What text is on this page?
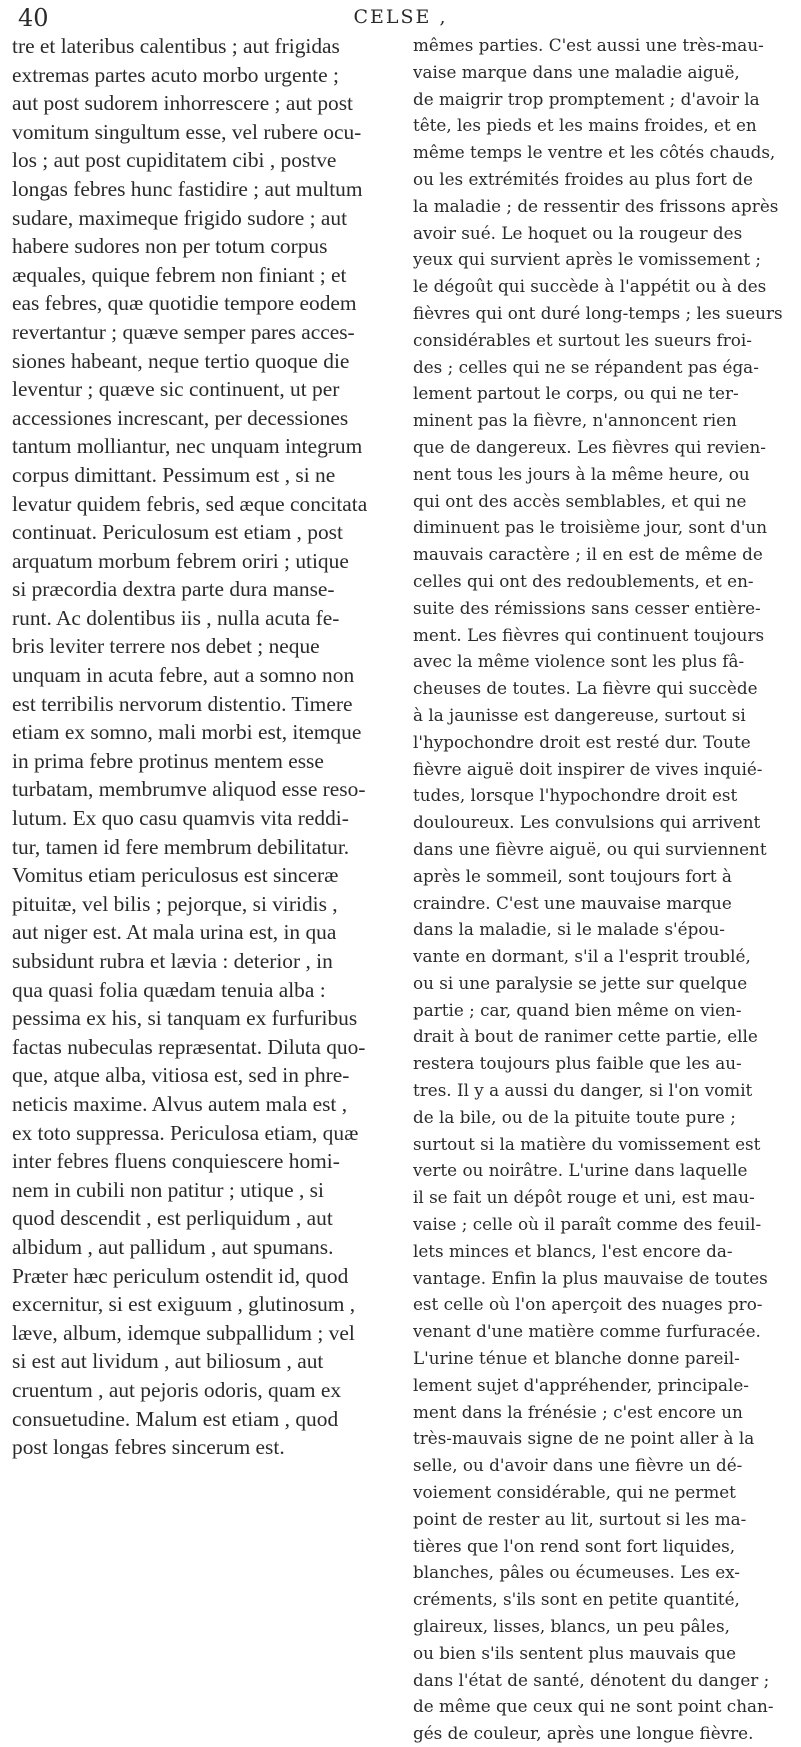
40	CELSE ,
tre et lateribus calentibus ; aut frigidas
extremas partes acuto morbo urgente ;
aut post sudorem inhorrescere ; aut post
vomitum singultum esse, vel rubere ocu-
los ; aut post cupiditatem cibi , postve
longas febres hunc fastidire ; aut multum
sudare, maximeque frigido sudore ; aut
habere sudores non per totum corpus
æquales, quique febrem non finiant ; et
eas febres, quæ quotidie tempore eodem
revertantur ; quæve semper pares acces-
siones habeant, neque tertio quoque die
leventur ; quæve sic continuent, ut per
accessiones increscant, per decessiones
tantum molliantur, nec unquam integrum
corpus dimittant. Pessimum est , si ne
levatur quidem febris, sed æque concitata
continuat. Periculosum est etiam , post
arquatum morbum febrem oriri ; utique
si præcordia dextra parte dura manse-
runt. Ac dolentibus iis , nulla acuta fe-
bris leviter terrere nos debet ; neque
unquam in acuta febre, aut a somno non
est terribilis nervorum distentio. Timere
etiam ex somno, mali morbi est, itemque
in prima febre protinus mentem esse
turbatam, membrumve aliquod esse reso-
lutum. Ex quo casu quamvis vita reddi-
tur, tamen id fere membrum debilitatur.
Vomitus etiam periculosus est sinceræ
pituitæ, vel bilis ; pejorque, si viridis ,
aut niger est. At mala urina est, in qua
subsidunt rubra et lævia : deterior , in
qua quasi folia quædam tenuia alba :
pessima ex his, si tanquam ex furfuribus
factas nubeculas repræsentat. Diluta quo-
que, atque alba, vitiosa est, sed in phre-
neticis maxime. Alvus autem mala est ,
ex toto suppressa. Periculosa etiam, quæ
inter febres fluens conquiescere homi-
nem in cubili non patitur ; utique , si
quod descendit , est perliquidum , aut
albidum , aut pallidum , aut spumans.
Præter hæc periculum ostendit id, quod
excernitur, si est exiguum , glutinosum ,
læve, album, idemque subpallidum ; vel
si est aut lividum , aut biliosum , aut
cruentum , aut pejoris odoris, quam ex
consuetudine. Malum est etiam , quod
post longas febres sincerum est.
mêmes parties. C'est aussi une très-mau-
vaise marque dans une maladie aiguë,
de maigrir trop promptement ; d'avoir la
tête, les pieds et les mains froides, et en
même temps le ventre et les côtés chauds,
ou les extrémités froides au plus fort de
la maladie ; de ressentir des frissons après
avoir sué. Le hoquet ou la rougeur des
yeux qui survient après le vomissement ;
le dégoût qui succède à l'appétit ou à des
fièvres qui ont duré long-temps ; les sueurs
considérables et surtout les sueurs froi-
des ; celles qui ne se répandent pas éga-
lement partout le corps, ou qui ne ter-
minent pas la fièvre, n'annoncent rien
que de dangereux. Les fièvres qui revien-
nent tous les jours à la même heure, ou
qui ont des accès semblables, et qui ne
diminuent pas le troisième jour, sont d'un
mauvais caractère ; il en est de même de
celles qui ont des redoublements, et en-
suite des rémissions sans cesser entière-
ment. Les fièvres qui continuent toujours
avec la même violence sont les plus fâ-
cheuses de toutes. La fièvre qui succède
à la jaunisse est dangereuse, surtout si
l'hypochondre droit est resté dur. Toute
fièvre aiguë doit inspirer de vives inquié-
tudes, lorsque l'hypochondre droit est
douloureux. Les convulsions qui arrivent
dans une fièvre aiguë, ou qui surviennent
après le sommeil, sont toujours fort à
craindre. C'est une mauvaise marque
dans la maladie, si le malade s'épou-
vante en dormant, s'il a l'esprit troublé,
ou si une paralysie se jette sur quelque
partie ; car, quand bien même on vien-
drait à bout de ranimer cette partie, elle
restera toujours plus faible que les au-
tres. Il y a aussi du danger, si l'on vomit
de la bile, ou de la pituite toute pure ;
surtout si la matière du vomissement est
verte ou noirâtre. L'urine dans laquelle
il se fait un dépôt rouge et uni, est mau-
vaise ; celle où il paraît comme des feuil-
lets minces et blancs, l'est encore da-
vantage. Enfin la plus mauvaise de toutes
est celle où l'on aperçoit des nuages pro-
venant d'une matière comme furfuracée.
L'urine ténue et blanche donne pareil-
lement sujet d'appréhender, principale-
ment dans la frénésie ; c'est encore un
très-mauvais signe de ne point aller à la
selle, ou d'avoir dans une fièvre un dé-
voiement considérable, qui ne permet
point de rester au lit, surtout si les ma-
tières que l'on rend sont fort liquides,
blanches, pâles ou écumeuses. Les ex-
créments, s'ils sont en petite quantité,
glaireux, lisses, blancs, un peu pâles,
ou bien s'ils sentent plus mauvais que
dans l'état de santé, dénotent du danger ;
de même que ceux qui ne sont point chan-
gés de couleur, après une longue fièvre.
